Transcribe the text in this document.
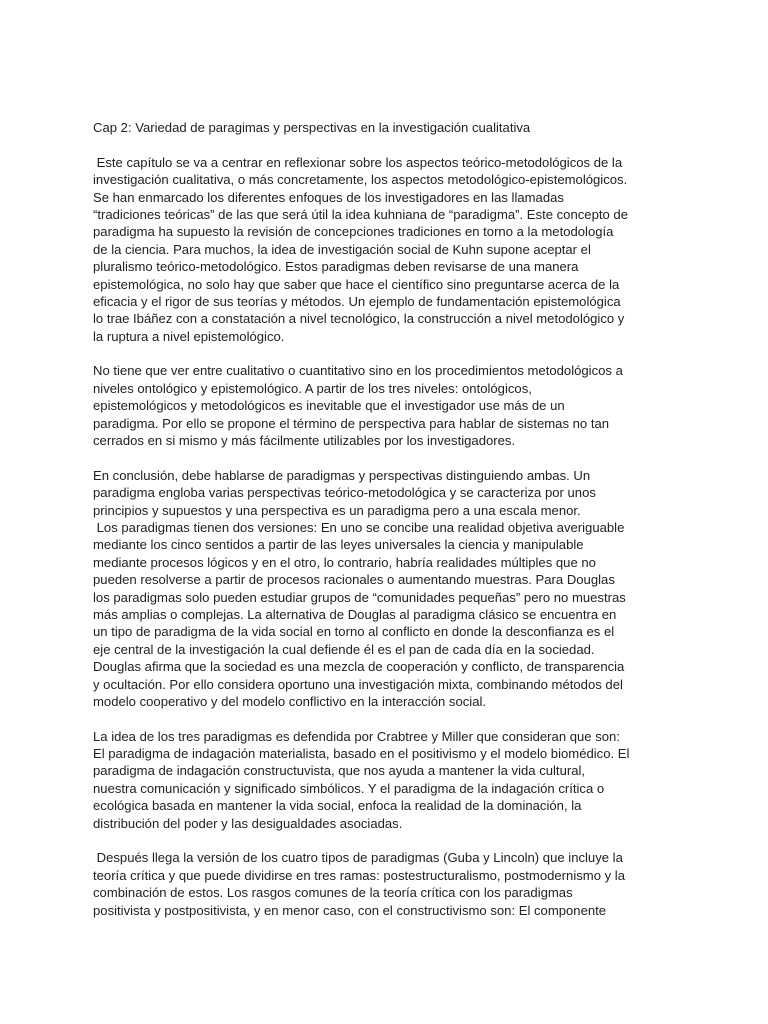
Cap 2: Variedad de paragimas y perspectivas en la investigación cualitativa
Este capítulo se va a centrar en reflexionar sobre los aspectos teórico-metodológicos de la
investigación cualitativa, o más concretamente, los aspectos metodológico-epistemológicos.
Se han enmarcado los diferentes enfoques de los investigadores en las llamadas
“tradiciones teóricas” de las que será útil la idea kuhniana de “paradigma”. Este concepto de
paradigma ha supuesto la revisión de concepciones tradiciones en torno a la metodología
de la ciencia. Para muchos, la idea de investigación social de Kuhn supone aceptar el
pluralismo teórico-metodológico. Estos paradigmas deben revisarse de una manera
epistemológica, no solo hay que saber que hace el científico sino preguntarse acerca de la
eficacia y el rigor de sus teorías y métodos. Un ejemplo de fundamentación epistemológica
lo trae Ibáñez con a constatación a nivel tecnológico, la construcción a nivel metodológico y
la ruptura a nivel epistemológico.
No tiene que ver entre cualitativo o cuantitativo sino en los procedimientos metodológicos a
niveles ontológico y epistemológico. A partir de los tres niveles: ontológicos,
epistemológicos y metodológicos es inevitable que el investigador use más de un
paradigma. Por ello se propone el término de perspectiva para hablar de sistemas no tan
cerrados en si mismo y más fácilmente utilizables por los investigadores.
En conclusión, debe hablarse de paradigmas y perspectivas distinguiendo ambas. Un
paradigma engloba varias perspectivas teórico-metodológica y se caracteriza por unos
principios y supuestos y una perspectiva es un paradigma pero a una escala menor.
Los paradigmas tienen dos versiones: En uno se concibe una realidad objetiva averiguable
mediante los cinco sentidos a partir de las leyes universales la ciencia y manipulable
mediante procesos lógicos y en el otro, lo contrario, habría realidades múltiples que no
pueden resolverse a partir de procesos racionales o aumentando muestras. Para Douglas
los paradigmas solo pueden estudiar grupos de “comunidades pequeñas” pero no muestras
más amplias o complejas. La alternativa de Douglas al paradigma clásico se encuentra en
un tipo de paradigma de la vida social en torno al conflicto en donde la desconfianza es el
eje central de la investigación la cual defiende él es el pan de cada día en la sociedad.
Douglas afirma que la sociedad es una mezcla de cooperación y conflicto, de transparencia
y ocultación. Por ello considera oportuno una investigación mixta, combinando métodos del
modelo cooperativo y del modelo conflictivo en la interacción social.
La idea de los tres paradigmas es defendida por Crabtree y Miller que consideran que son:
El paradigma de indagación materialista, basado en el positivismo y el modelo biomédico. El
paradigma de indagación constructuvista, que nos ayuda a mantener la vida cultural,
nuestra comunicación y significado simbólicos. Y el paradigma de la indagación crítica o
ecológica basada en mantener la vida social, enfoca la realidad de la dominación, la
distribución del poder y las desigualdades asociadas.
Después llega la versión de los cuatro tipos de paradigmas (Guba y Lincoln) que incluye la
teoría crítica y que puede dividirse en tres ramas: postestructuralismo, postmodernismo y la
combinación de estos. Los rasgos comunes de la teoría crítica con los paradigmas
positivista y postpositivista, y en menor caso, con el constructivismo son: El componente
